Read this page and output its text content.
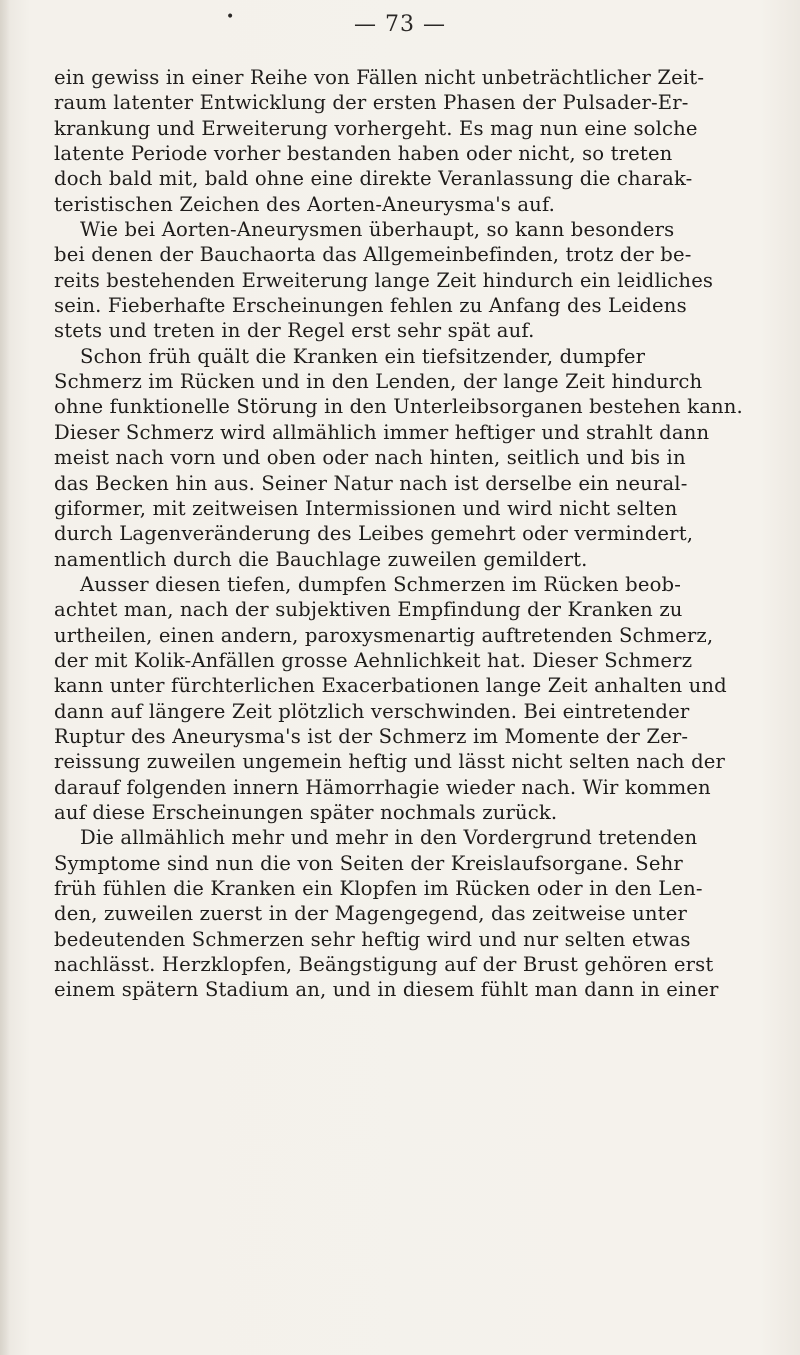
•	— 73 —

ein gewiss in einer Reihe von Fällen nicht unbeträchtlicher Zeit-
raum latenter Entwicklung der ersten Phasen der Pulsader-Er-
krankung und Erweiterung vorhergeht. Es mag nun eine solche
latente Periode vorher bestanden haben oder nicht, so treten
doch bald mit, bald ohne eine direkte Veranlassung die charak-
teristischen Zeichen des Aorten-Aneurysma's auf.

Wie bei Aorten-Aneurysmen überhaupt, so kann besonders
bei denen der Bauchaorta das Allgemeinbefinden, trotz der be-
reits bestehenden Erweiterung lange Zeit hindurch ein leidliches
sein. Fieberhafte Erscheinungen fehlen zu Anfang des Leidens
stets und treten in der Regel erst sehr spät auf.

Schon früh quält die Kranken ein tiefsitzender, dumpfer
Schmerz im Rücken und in den Lenden, der lange Zeit hindurch
ohne funktionelle Störung in den Unterleibsorganen bestehen kann.
Dieser Schmerz wird allmählich immer heftiger und strahlt dann
meist nach vorn und oben oder nach hinten, seitlich und bis in
das Becken hin aus. Seiner Natur nach ist derselbe ein neural-
giformer, mit zeitweisen Intermissionen und wird nicht selten
durch Lagenveränderung des Leibes gemehrt oder vermindert,
namentlich durch die Bauchlage zuweilen gemildert.

Ausser diesen tiefen, dumpfen Schmerzen im Rücken beob-
achtet man, nach der subjektiven Empfindung der Kranken zu
urtheilen, einen andern, paroxysmenartig auftretenden Schmerz,
der mit Kolik-Anfällen grosse Aehnlichkeit hat. Dieser Schmerz
kann unter fürchterlichen Exacerbationen lange Zeit anhalten und
dann auf längere Zeit plötzlich verschwinden. Bei eintretender
Ruptur des Aneurysma's ist der Schmerz im Momente der Zer-
reissung zuweilen ungemein heftig und lässt nicht selten nach der
darauf folgenden innern Hämorrhagie wieder nach. Wir kommen
auf diese Erscheinungen später nochmals zurück.

Die allmählich mehr und mehr in den Vordergrund tretenden
Symptome sind nun die von Seiten der Kreislaufsorgane. Sehr
früh fühlen die Kranken ein Klopfen im Rücken oder in den Len-
den, zuweilen zuerst in der Magengegend, das zeitweise unter
bedeutenden Schmerzen sehr heftig wird und nur selten etwas
nachlässt. Herzklopfen, Beängstigung auf der Brust gehören erst
einem spätern Stadium an, und in diesem fühlt man dann in einer
